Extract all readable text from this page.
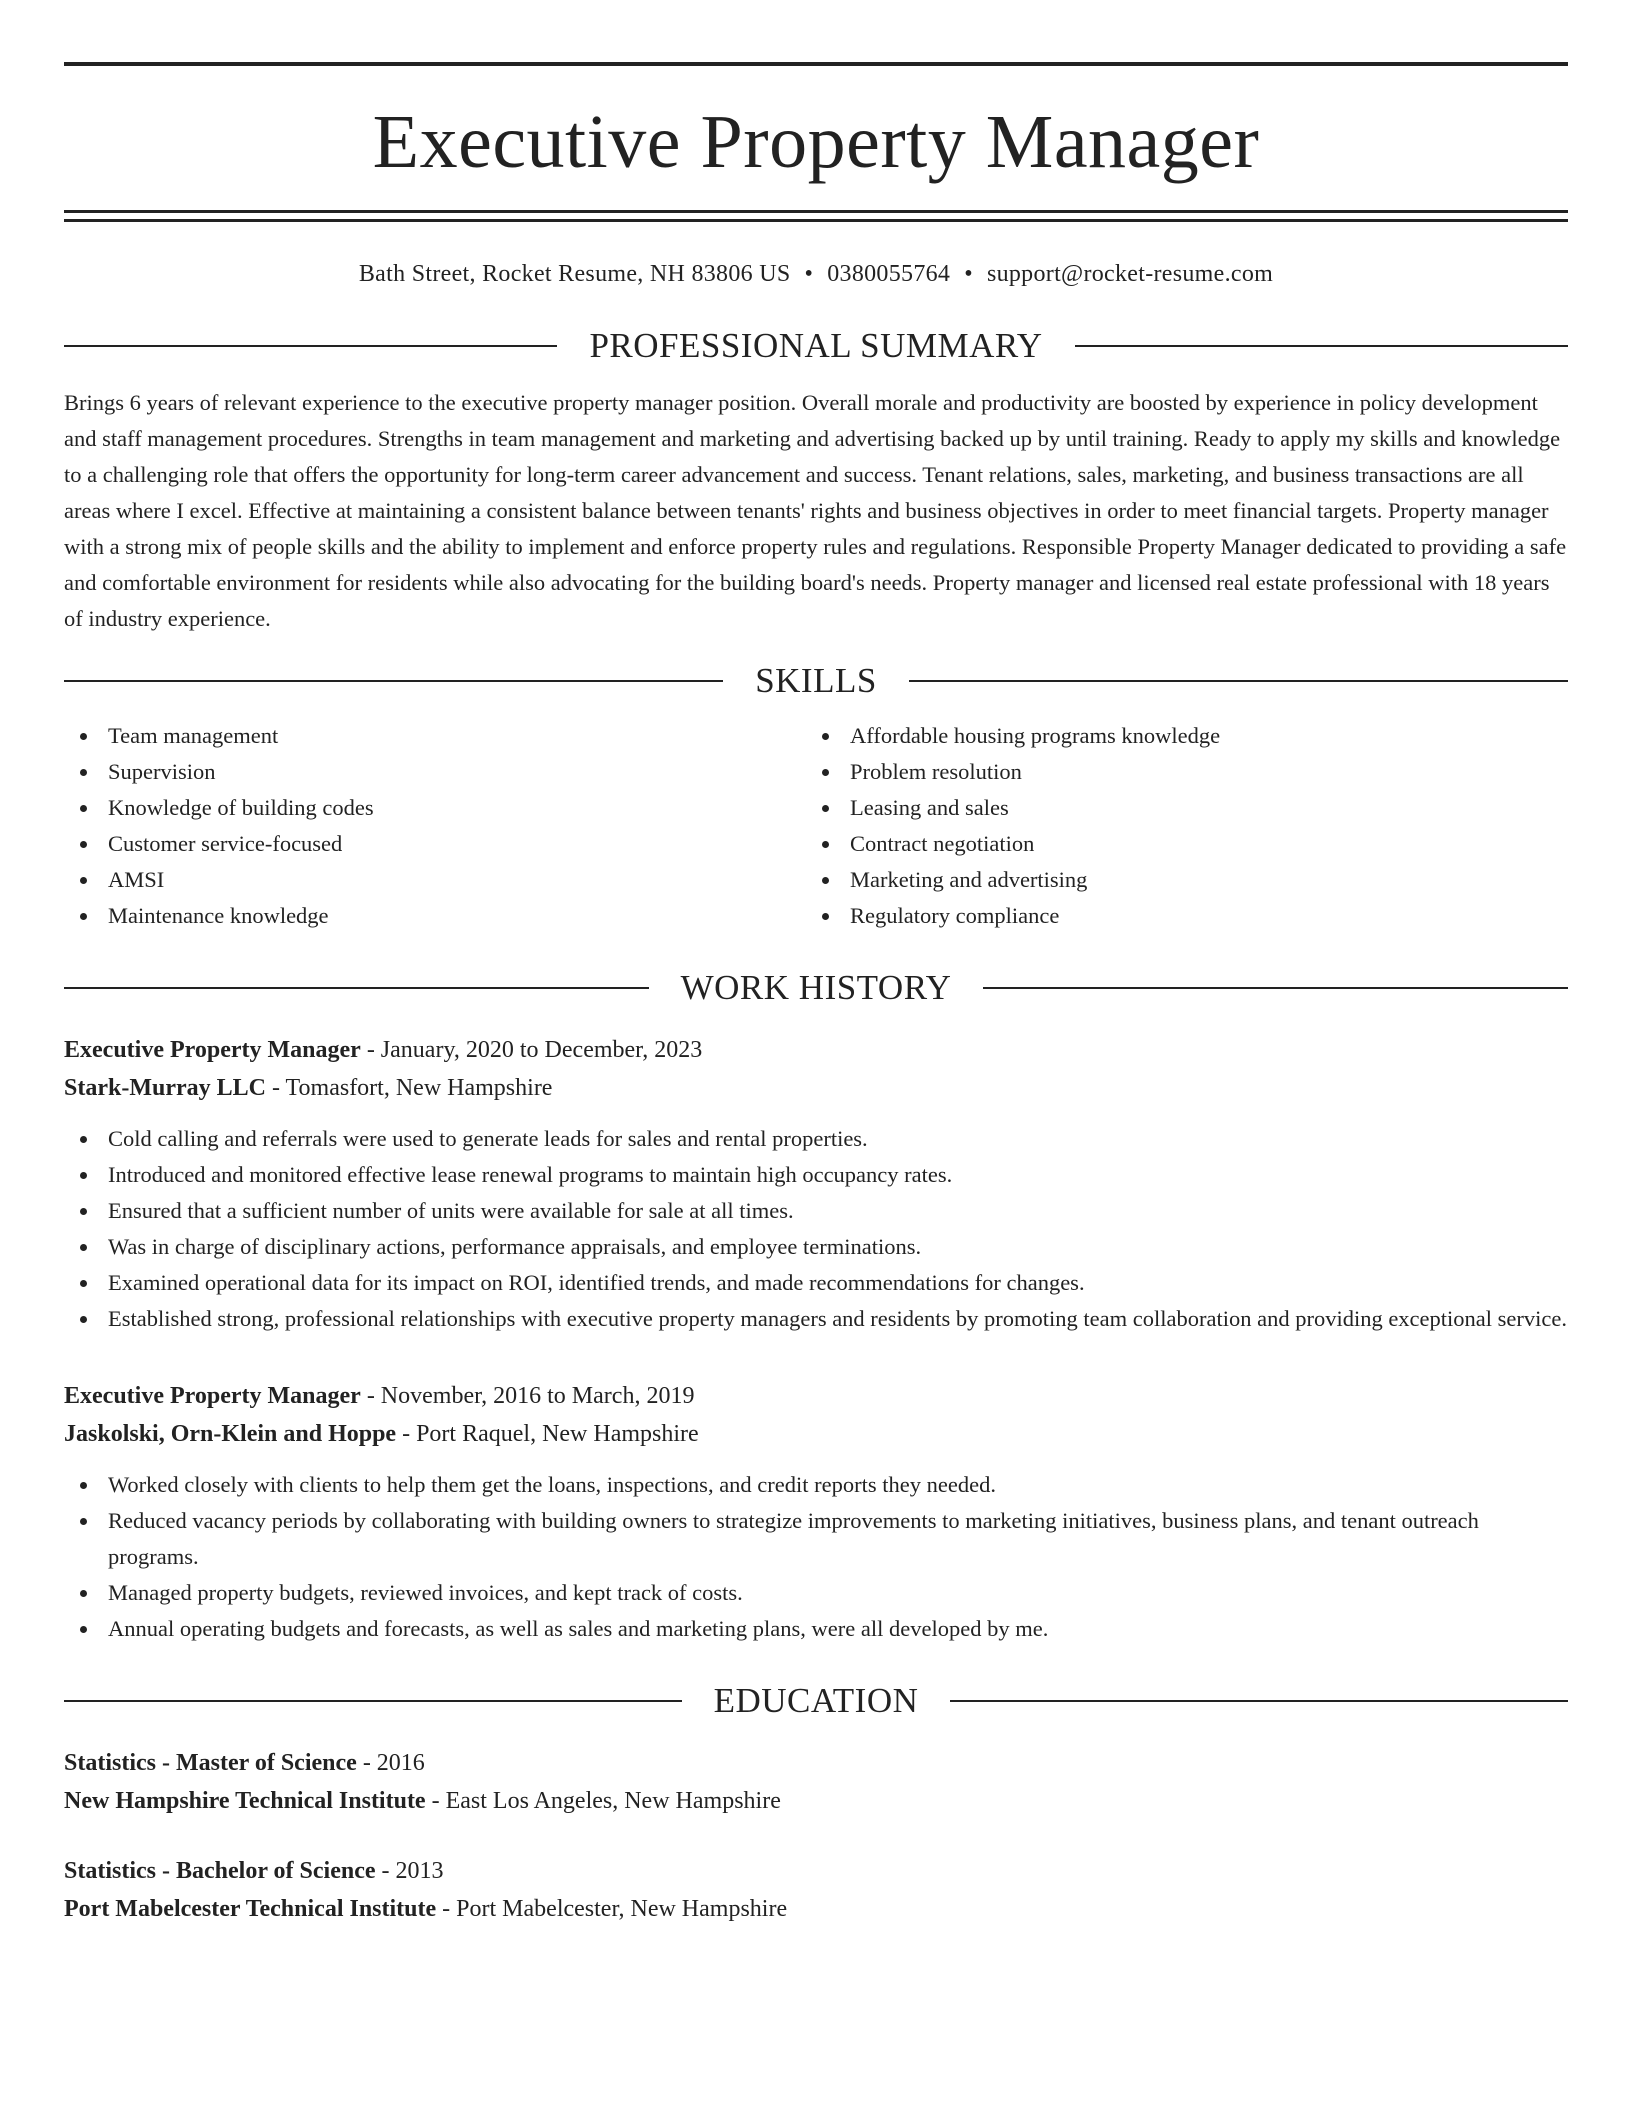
Executive Property Manager
Bath Street, Rocket Resume, NH 83806 US • 0380055764 • support@rocket-resume.com
PROFESSIONAL SUMMARY

Brings 6 years of relevant experience to the executive property manager position. Overall morale and productivity are boosted by experience in policy development and staff management procedures. Strengths in team management and marketing and advertising backed up by until training. Ready to apply my skills and knowledge to a challenging role that offers the opportunity for long-term career advancement and success. Tenant relations, sales, marketing, and business transactions are all areas where I excel. Effective at maintaining a consistent balance between tenants' rights and business objectives in order to meet financial targets. Property manager with a strong mix of people skills and the ability to implement and enforce property rules and regulations. Responsible Property Manager dedicated to providing a safe and comfortable environment for residents while also advocating for the building board's needs. Property manager and licensed real estate professional with 18 years of industry experience.

SKILLS
Team management
Supervision
Knowledge of building codes
Customer service-focused
AMSI
Maintenance knowledge
Affordable housing programs knowledge
Problem resolution
Leasing and sales
Contract negotiation
Marketing and advertising
Regulatory compliance
WORK HISTORY
Executive Property Manager - January, 2020 to December, 2023
Stark-Murray LLC - Tomasfort, New Hampshire
Cold calling and referrals were used to generate leads for sales and rental properties.
Introduced and monitored effective lease renewal programs to maintain high occupancy rates.
Ensured that a sufficient number of units were available for sale at all times.
Was in charge of disciplinary actions, performance appraisals, and employee terminations.
Examined operational data for its impact on ROI, identified trends, and made recommendations for changes.
Established strong, professional relationships with executive property managers and residents by promoting team collaboration and providing exceptional service.
Executive Property Manager - November, 2016 to March, 2019
Jaskolski, Orn-Klein and Hoppe - Port Raquel, New Hampshire
Worked closely with clients to help them get the loans, inspections, and credit reports they needed.
Reduced vacancy periods by collaborating with building owners to strategize improvements to marketing initiatives, business plans, and tenant outreach programs.
Managed property budgets, reviewed invoices, and kept track of costs.
Annual operating budgets and forecasts, as well as sales and marketing plans, were all developed by me.
EDUCATION
Statistics - Master of Science - 2016
New Hampshire Technical Institute - East Los Angeles, New Hampshire
Statistics - Bachelor of Science - 2013
Port Mabelcester Technical Institute - Port Mabelcester, New Hampshire
